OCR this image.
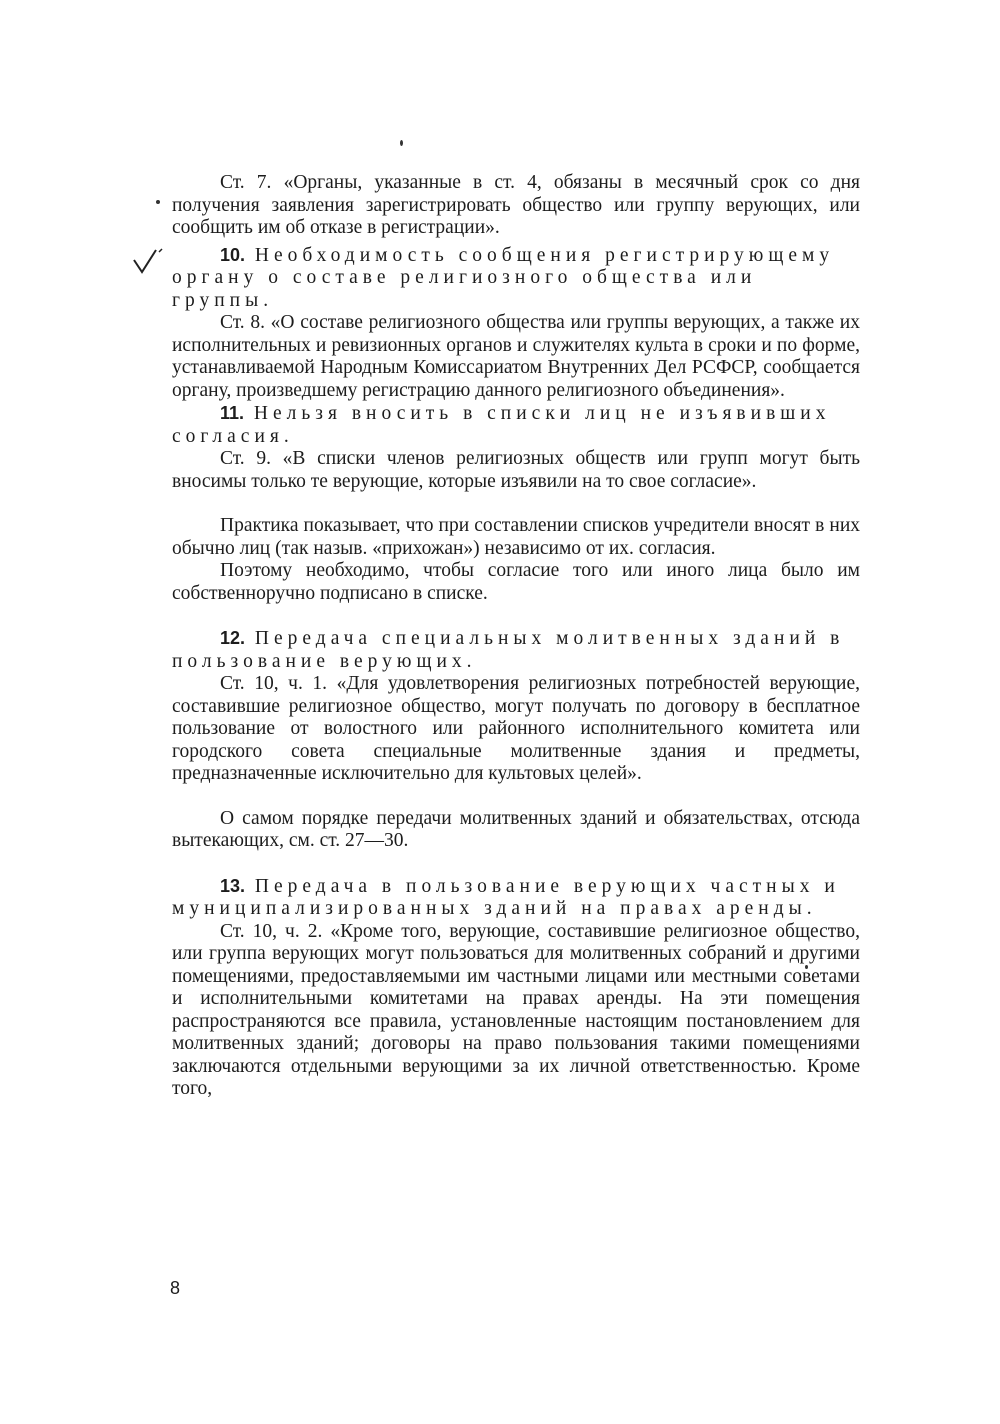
Ст. 7. «Органы, указанные в ст. 4, обязаны в месячный срок со дня получения заявления зарегистрировать общество или группу верующих, или сообщить им об отказе в регистрации».

10. Необходимость сообщения регистрирующему органу о составе религиозного общества или группы.

Ст. 8. «О составе религиозного общества или группы верующих, а также их исполнительных и ревизионных органов и служителях культа в сроки и по форме, устанавливаемой Народным Комиссариатом Внутренних Дел РСФСР, сообщается органу, произведшему регистрацию данного религиозного объединения».

11. Нельзя вносить в списки лиц не изъявивших согласия.

Ст. 9. «В списки членов религиозных обществ или групп могут быть вносимы только те верующие, которые изъявили на то свое согласие».

Практика показывает, что при составлении списков учредители вносят в них обычно лиц (так назыв. «прихожан») независимо от их. согласия.

Поэтому необходимо, чтобы согласие того или иного лица было им собственноручно подписано в списке.

12. Передача специальных молитвенных зданий в пользование верующих.

Ст. 10, ч. 1. «Для удовлетворения религиозных потребностей верующие, составившие религиозное общество, могут получать по договору в бесплатное пользование от волостного или районного исполнительного комитета или городского совета специальные молитвенные здания и предметы, предназначенные исключительно для культовых целей».

О самом порядке передачи молитвенных зданий и обязательствах, отсюда вытекающих, см. ст. 27—30.

13. Передача в пользование верующих частных и муниципализированных зданий на правах аренды.

Ст. 10, ч. 2. «Кроме того, верующие, составившие религиозное общество, или группа верующих могут пользоваться для молитвенных собраний и другими помещениями, предоставляемыми им частными лицами или местными советами и исполнительными комитетами на правах аренды. На эти помещения распространяются все правила, установленные настоящим постановлением для молитвенных зданий; договоры на право пользования такими помещениями заключаются отдельными верующими за их личной ответственностью. Кроме того,

8
